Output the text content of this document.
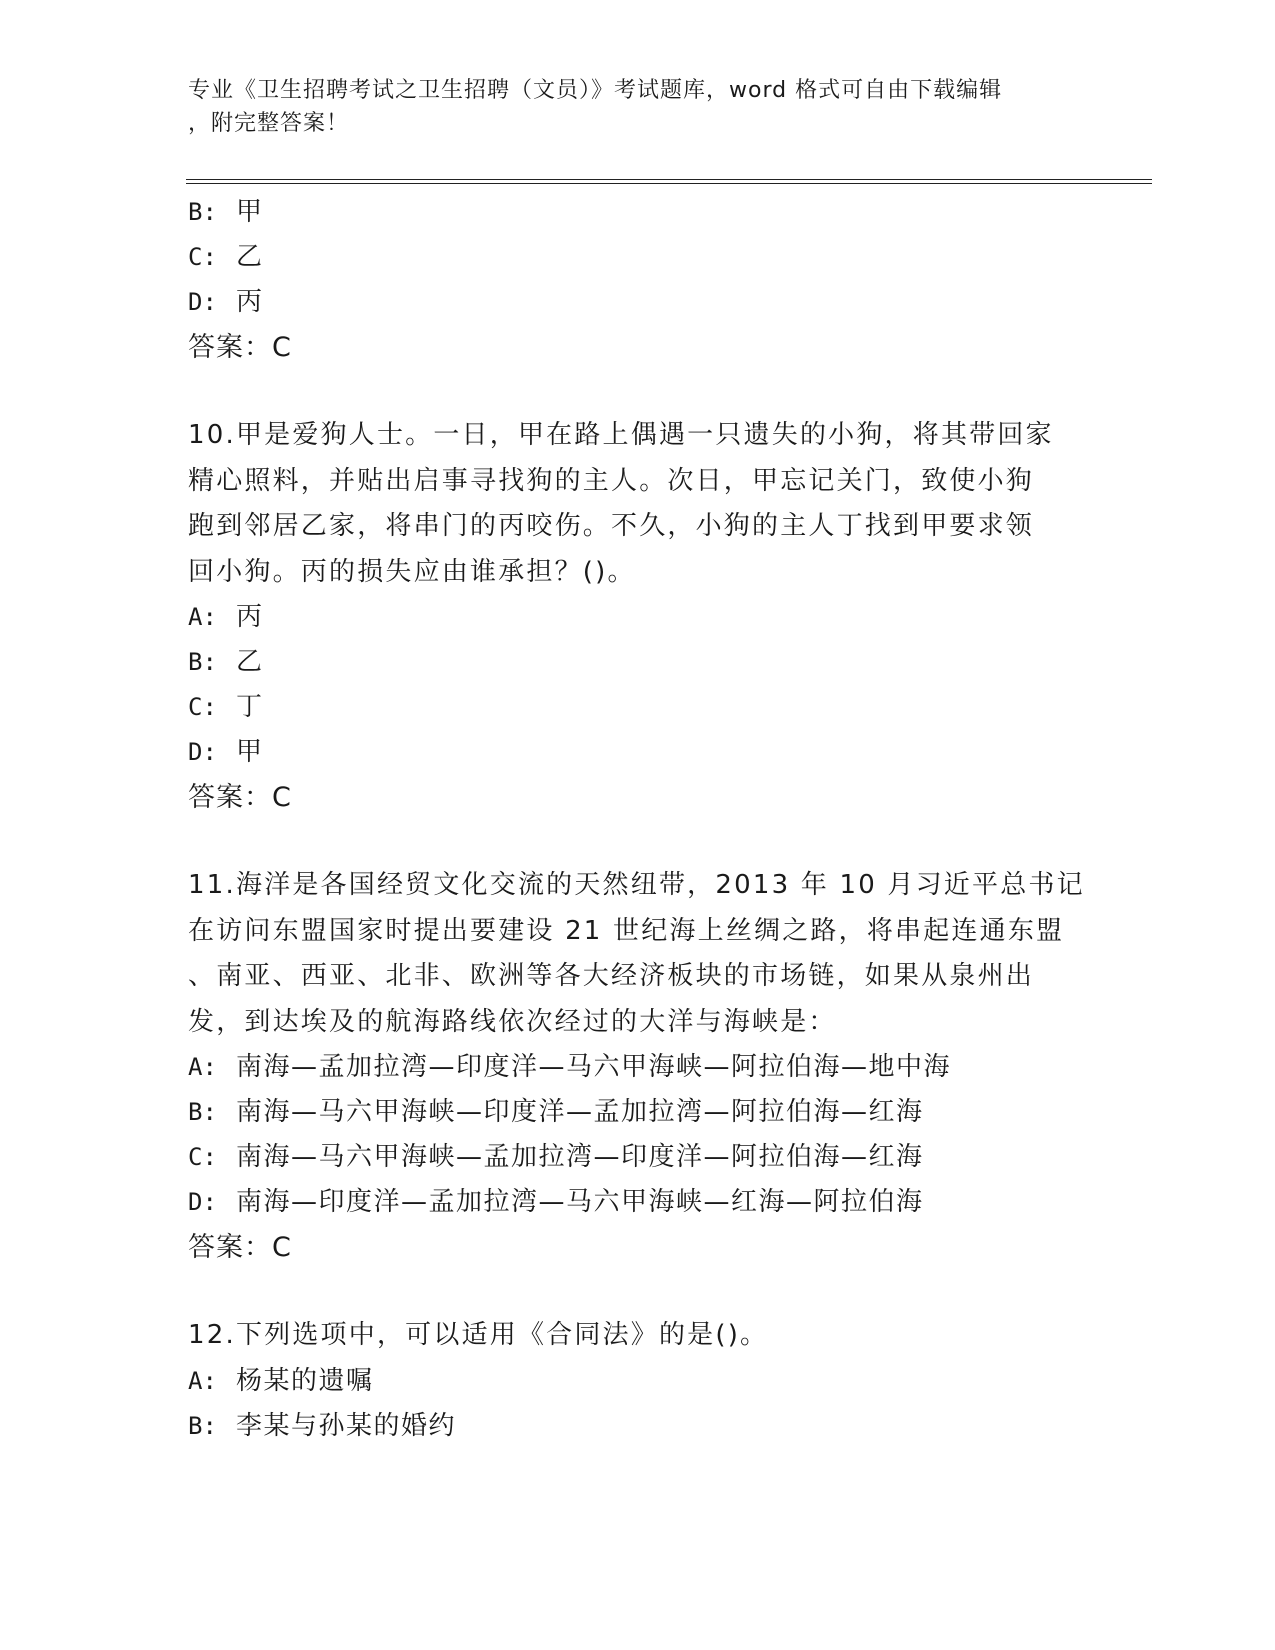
专业《卫生招聘考试之卫生招聘（文员）》考试题库，word 格式可自由下载编辑
，附完整答案！
B: 甲
C: 乙
D: 丙
答案：C
10.甲是爱狗人士。一日，甲在路上偶遇一只遗失的小狗，将其带回家
精心照料，并贴出启事寻找狗的主人。次日，甲忘记关门，致使小狗
跑到邻居乙家，将串门的丙咬伤。不久，小狗的主人丁找到甲要求领
回小狗。丙的损失应由谁承担？()。
A: 丙
B: 乙
C: 丁
D: 甲
答案：C
11.海洋是各国经贸文化交流的天然纽带，2013 年 10 月习近平总书记
在访问东盟国家时提出要建设 21 世纪海上丝绸之路，将串起连通东盟
、南亚、西亚、北非、欧洲等各大经济板块的市场链，如果从泉州出
发，到达埃及的航海路线依次经过的大洋与海峡是：
A: 南海—孟加拉湾—印度洋—马六甲海峡—阿拉伯海—地中海
B: 南海—马六甲海峡—印度洋—孟加拉湾—阿拉伯海—红海
C: 南海—马六甲海峡—孟加拉湾—印度洋—阿拉伯海—红海
D: 南海—印度洋—孟加拉湾—马六甲海峡—红海—阿拉伯海
答案：C
12.下列选项中，可以适用《合同法》的是()。
A: 杨某的遗嘱
B: 李某与孙某的婚约
